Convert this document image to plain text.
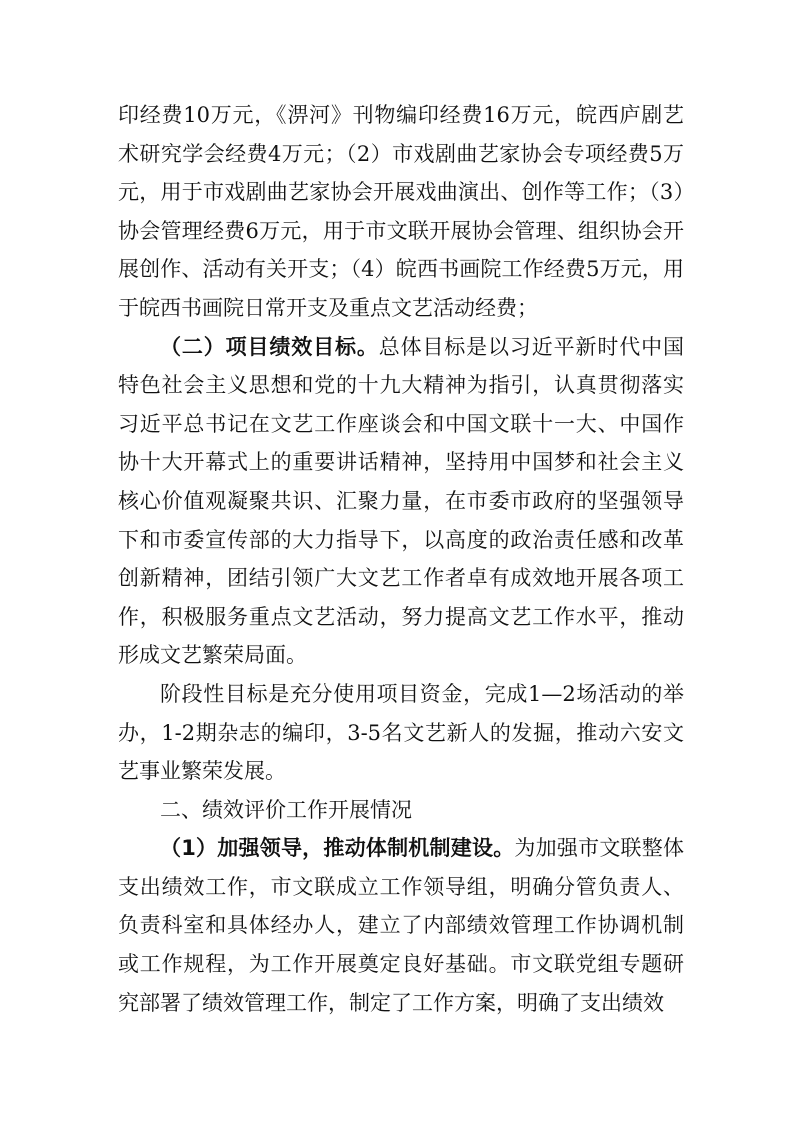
印经费10万元，《淠河》刊物编印经费16万元，皖西庐剧艺术研究学会经费4万元；（2）市戏剧曲艺家协会专项经费5万元，用于市戏剧曲艺家协会开展戏曲演出、创作等工作；（3）协会管理经费6万元，用于市文联开展协会管理、组织协会开展创作、活动有关开支；（4）皖西书画院工作经费5万元，用于皖西书画院日常开支及重点文艺活动经费；

（二）项目绩效目标。总体目标是以习近平新时代中国特色社会主义思想和党的十九大精神为指引，认真贯彻落实习近平总书记在文艺工作座谈会和中国文联十一大、中国作协十大开幕式上的重要讲话精神，坚持用中国梦和社会主义核心价值观凝聚共识、汇聚力量，在市委市政府的坚强领导下和市委宣传部的大力指导下，以高度的政治责任感和改革创新精神，团结引领广大文艺工作者卓有成效地开展各项工作，积极服务重点文艺活动，努力提高文艺工作水平，推动形成文艺繁荣局面。

阶段性目标是充分使用项目资金，完成1—2场活动的举办，1-2期杂志的编印，3-5名文艺新人的发掘，推动六安文艺事业繁荣发展。

二、绩效评价工作开展情况

（1）加强领导，推动体制机制建设。为加强市文联整体支出绩效工作，市文联成立工作领导组，明确分管负责人、负责科室和具体经办人，建立了内部绩效管理工作协调机制或工作规程，为工作开展奠定良好基础。市文联党组专题研究部署了绩效管理工作，制定了工作方案，明确了支出绩效
